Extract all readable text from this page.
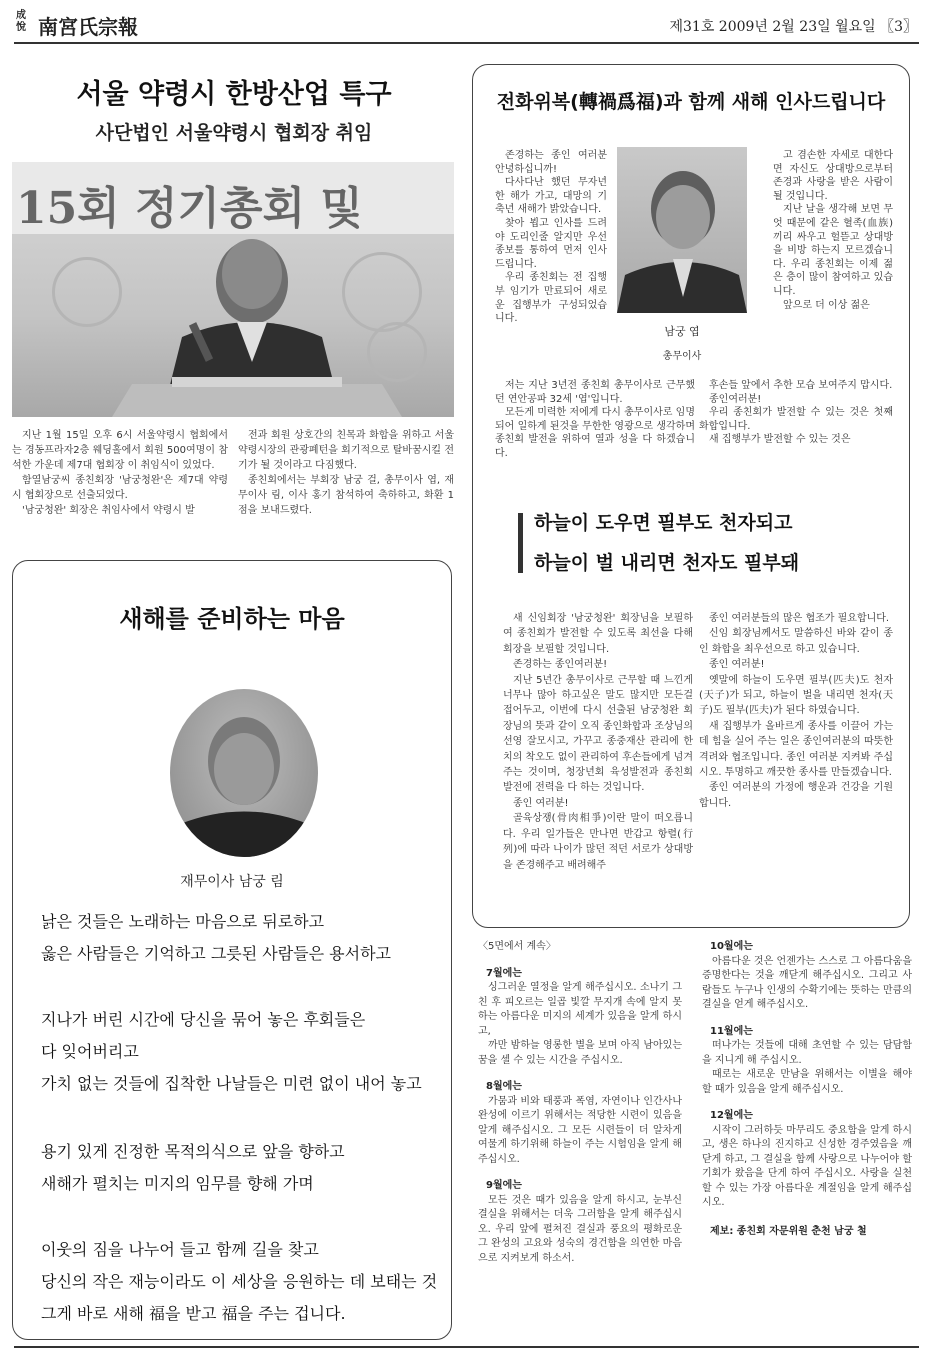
成悅 南宮氏宗報	제31호 2009년 2월 23일 월요일 〖3〗
서울 약령시 한방산업 특구
사단법인 서울약령시 협회장 취임
15회 정기총회 및

지난 1월 15일 오후 6시 서울약령시 협회에서는 경동프라자2층 웨딩홀에서 회원 500여명이 참석한 가운데 제7대 협회장 이 취임식이 있었다.

함열남궁씨 종친회장 '남궁청완'은 제7대 약령시 협회장으로 선출되었다.

'남궁청완' 회장은 취임사에서 약령시 발

전과 회원 상호간의 친목과 화합을 위하고 서울 약령시장의 관광폐턴을 회기적으로 탈바꿈시킬 전기가 될 것이라고 다짐했다.

종친회에서는 부회장 남궁 걸, 총무이사 엽, 재무이사 림, 이사 홍기 참석하여 축하하고, 화환 1점을 보내드렸다.

새해를 준비하는 마음
재무이사 남궁 림
낡은 것들은 노래하는 마음으로 뒤로하고
옳은 사람들은 기억하고 그릇된 사람들은 용서하고
지나가 버린 시간에 당신을 묶어 놓은 후회들은
다 잊어버리고
가치 없는 것들에 집착한 나날들은 미련 없이 내어 놓고
용기 있게 진정한 목적의식으로 앞을 향하고
새해가 펼치는 미지의 임무를 향해 가며
이웃의 짐을 나누어 들고 함께 길을 찾고
당신의 작은 재능이라도 이 세상을 응원하는 데 보태는 것
그게 바로 새해 福을 받고 福을 주는 겁니다.
전화위복(轉禍爲福)과 함께 새해 인사드립니다

존경하는 종인 여러분 안녕하십니까!

다사다난 했던 무자년 한 해가 가고, 대망의 기축년 새해가 밝았습니다.

찾아 뵙고 인사를 드려야 도리인줄 알지만 우선 종보를 통하여 먼저 인사드립니다.

우리 종친회는 전 집행부 임기가 만료되어 새로운 집행부가 구성되었습니다.

남궁 엽
총무이사

고 겸손한 자세로 대한다면 자신도 상대방으로부터 존경과 사랑을 받은 사람이 될 것입니다.

지난 날을 생각해 보면 무엇 때문에 같은 혈족(血族)끼리 싸우고 헐뜯고 상대방을 비방 하는지 모르겠습니다. 우리 종친회는 이제 젊은 층이 많이 참여하고 있습니다.

앞으로 더 이상 젊은

저는 지난 3년전 종친회 총무이사로 근무했던 연안공파 32세 '엽'입니다.

모든게 미력한 저에게 다시 총무이사로 임명되어 일하게 된것을 무한한 영광으로 생각하며 종친회 발전을 위하여 열과 성을 다 하겠습니다.

후손들 앞에서 추한 모습 보여주지 맙시다.

종인여러분!

우리 종친회가 발전할 수 있는 것은 첫째 화합입니다.

새 집행부가 발전할 수 있는 것은

새 신임회장 '남궁청완' 회장님을 보필하여 종친회가 발전할 수 있도록 최선을 다해 회장을 보필할 것입니다.

존경하는 종인여러분!

지난 5년간 총무이사로 근무할 때 느낀게 너무나 많아 하고싶은 말도 많지만 모든걸 접어두고, 이번에 다시 선출된 남궁청완 회장님의 뜻과 같이 오직 종인화합과 조상님의 선영 잘모시고, 가꾸고 종중재산 관리에 한치의 착오도 없이 관리하여 후손들에게 넘겨주는 것이며, 청장년회 육성발전과 종친회 발전에 전력을 다 하는 것입니다.

종인 여러분!

골육상쟁(骨肉相爭)이란 말이 떠오릅니다. 우리 일가들은 만나면 반갑고 항렬(行列)에 따라 나이가 많던 적던 서로가 상대방을 존경해주고 배려해주

종인 여러분들의 많은 협조가 필요합니다.

신임 회장님께서도 말씀하신 바와 같이 종인 화합을 최우선으로 하고 있습니다.

종인 여러분!

옛말에 하늘이 도우면 필부(匹夫)도 천자(天子)가 되고, 하늘이 벌을 내리면 천자(天子)도 필부(匹夫)가 된다 하였습니다.

새 집행부가 올바르게 종사를 이끌어 가는데 힘을 실어 주는 일은 종인여러분의 따뜻한 격려와 협조입니다. 종인 여러분 지켜봐 주십시오. 투명하고 깨끗한 종사를 만들겠습니다.

종인 여러분의 가정에 행운과 건강을 기원합니다.

하늘이 도우면 필부도 천자되고
하늘이 벌 내리면 천자도 필부돼

〈5면에서 계속〉

7월에는

싱그러운 열정을 알게 해주십시오. 소나기 그친 후 피오르는 일곱 빛깔 무지개 속에 알지 못하는 아름다운 미지의 세계가 있음을 알게 하시고,

까만 밤하늘 영롱한 별을 보며 아직 남아있는 꿈을 셀 수 있는 시간을 주십시오.

8월에는

가뭄과 비와 태풍과 폭염, 자연이나 인간사나 완성에 이르기 위해서는 적당한 시련이 있음을 알게 해주십시오. 그 모든 시련들이 더 알차게 여물게 하기위해 하늘이 주는 시험임을 알게 해주십시오.

9월에는

모든 것은 때가 있음을 알게 하시고, 눈부신 결실을 위해서는 더욱 그러함을 알게 해주십시오. 우리 앞에 펼쳐진 결실과 풍요의 평화로운 그 완성의 고요와 성숙의 경건함을 의연한 마음으로 지켜보게 하소서.

10월에는

아름다운 것은 언젠가는 스스로 그 아름다움을 증명한다는 것을 깨닫게 해주십시오. 그리고 사람들도 누구나 인생의 수확기에는 뜻하는 만큼의 결실을 얻게 해주십시오.

11월에는

떠나가는 것들에 대해 초연할 수 있는 담담함을 지니게 해 주십시오.

때로는 새로운 만남을 위해서는 이별을 해야 할 때가 있음을 알게 해주십시오.

12월에는

시작이 그러하듯 마무리도 중요함을 알게 하시고, 생은 하나의 진지하고 신성한 경주였음을 깨닫게 하고, 그 결실을 함께 사랑으로 나누어야 할 기회가 왔음을 단게 하여 주십시오. 사랑을 실천할 수 있는 가장 아름다운 계절임을 알게 해주십시오.

제보: 종친회 자문위원 춘천 남궁 철
